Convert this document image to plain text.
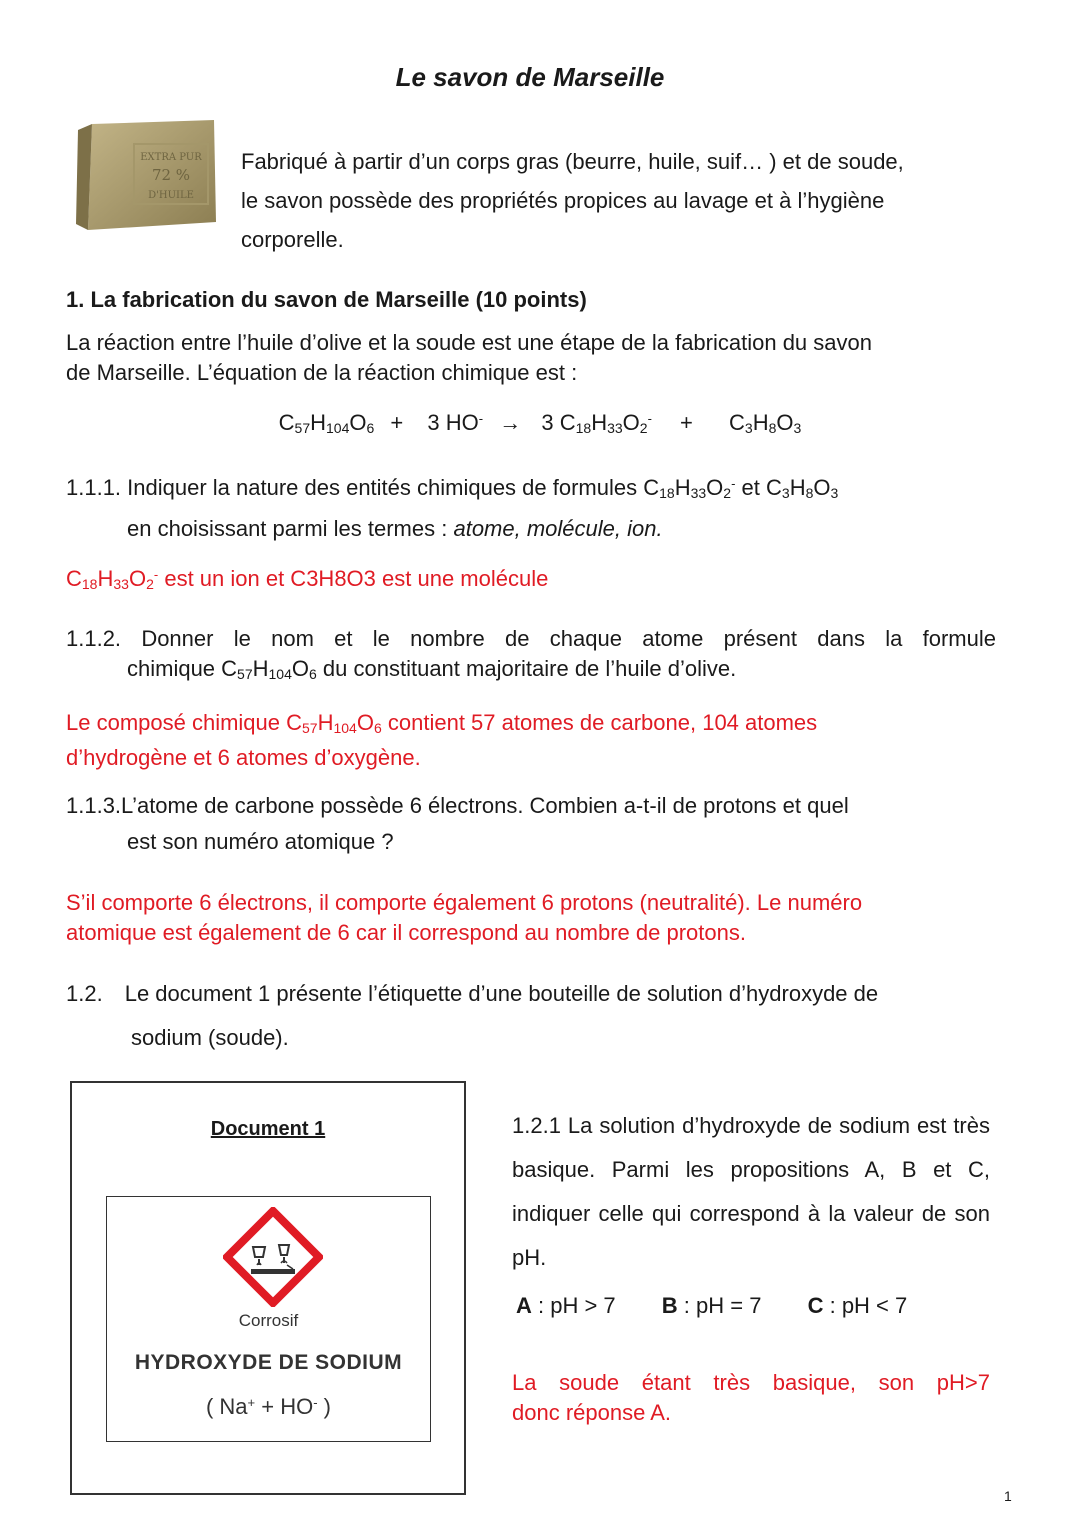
Le savon de Marseille
EXTRA PUR
72 %
D'HUILE
Fabriqué à partir d’un corps gras (beurre, huile, suif… ) et de soude,
le savon possède des propriétés propices au lavage et à l’hygiène
corporelle.
1. La fabrication du savon de Marseille (10 points)
La réaction entre l’huile d’olive et la soude est une étape de la fabrication du savon
de Marseille. L’équation de la réaction chimique est :
$C_{57}H_{104}O_6 + 3$ HO- → 3 $C_{18}H_{33}O_2^- + C_3H_8O_3$
1.1.1. Indiquer la nature des entités chimiques de formules $C_{18}H_{33}O_2^-$ et $C_3H_8O_3$
en choisissant parmi les termes : atome, molécule, ion.
$C_{18}H_{33}O_2^-$ est un ion et C3H8O3 est une molécule
1.1.2. Donner le nom et le nombre de chaque atome présent dans la formule
chimique $C_{57}H_{104}O_6$ du constituant majoritaire de l’huile d’olive.
Le composé chimique $C_{57}H_{104}O_6$ contient 57 atomes de carbone, 104 atomes
d’hydrogène et 6 atomes d’oxygène.
1.1.3.L’atome de carbone possède 6 électrons. Combien a-t-il de protons et quel
est son numéro atomique ?
S’il comporte 6 électrons, il comporte également 6 protons (neutralité). Le numéro
atomique est également de 6 car il correspond au nombre de protons.
1.2. Le document 1 présente l’étiquette d’une bouteille de solution d’hydroxyde de
sodium (soude).
Document 1
Corrosif
HYDROXYDE DE SODIUM
( Na+ + HO- )
1.2.1 La solution d’hydroxyde de sodium est très basique. Parmi les propositions A, B et C, indiquer celle qui correspond à la valeur de son pH.
A : pH > 7 B : pH = 7 C : pH < 7
La soude étant très basique, son pH>7
donc réponse A.
1
